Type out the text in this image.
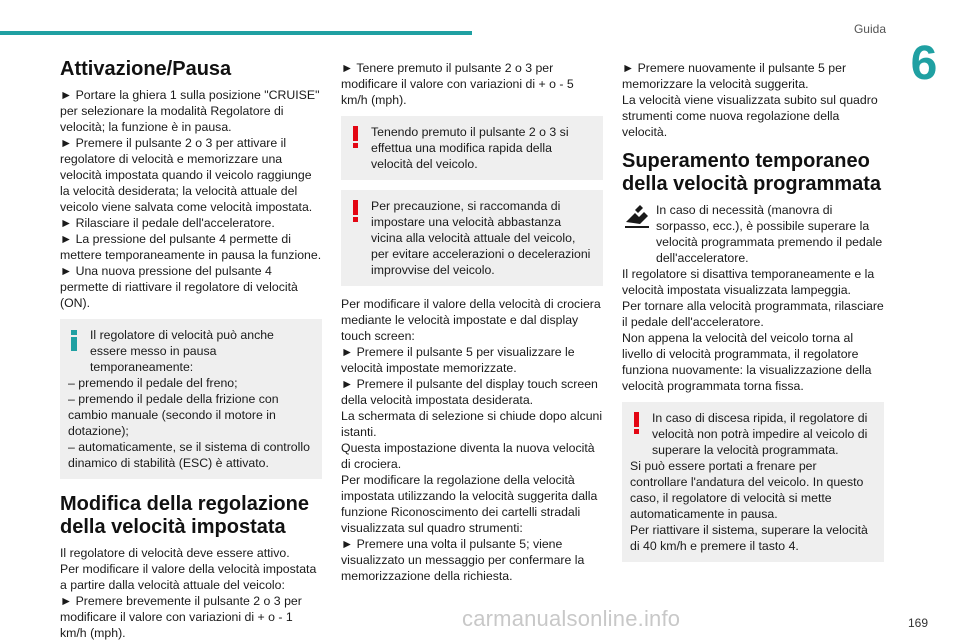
Guida
6
Attivazione/Pausa

► Portare la ghiera 1 sulla posizione "CRUISE" per selezionare la modalità Regolatore di velocità; la funzione è in pausa.

► Premere il pulsante 2 o 3 per attivare il regolatore di velocità e memorizzare una velocità impostata quando il veicolo raggiunge la velocità desiderata; la velocità attuale del veicolo viene salvata come velocità impostata.

► Rilasciare il pedale dell'acceleratore.

► La pressione del pulsante 4 permette di mettere temporaneamente in pausa la funzione.

► Una nuova pressione del pulsante 4 permette di riattivare il regolatore di velocità (ON).

Il regolatore di velocità può anche essere messo in pausa temporaneamente:

– premendo il pedale del freno;

– premendo il pedale della frizione con cambio manuale (secondo il motore in dotazione);

– automaticamente, se il sistema di controllo dinamico di stabilità (ESC) è attivato.

Modifica della regolazione della velocità impostata

Il regolatore di velocità deve essere attivo.

Per modificare il valore della velocità impostata a partire dalla velocità attuale del veicolo:

► Premere brevemente il pulsante 2 o 3 per modificare il valore con variazioni di + o - 1 km/h (mph).

► Tenere premuto il pulsante 2 o 3 per modificare il valore con variazioni di + o - 5 km/h (mph).

Tenendo premuto il pulsante 2 o 3 si effettua una modifica rapida della velocità del veicolo.

Per precauzione, si raccomanda di impostare una velocità abbastanza vicina alla velocità attuale del veicolo, per evitare accelerazioni o decelerazioni improvvise del veicolo.

Per modificare il valore della velocità di crociera mediante le velocità impostate e dal display touch screen:

► Premere il pulsante 5 per visualizzare le velocità impostate memorizzate.

► Premere il pulsante del display touch screen della velocità impostata desiderata.

La schermata di selezione si chiude dopo alcuni istanti.

Questa impostazione diventa la nuova velocità di crociera.

Per modificare la regolazione della velocità impostata utilizzando la velocità suggerita dalla funzione Riconoscimento dei cartelli stradali visualizzata sul quadro strumenti:

► Premere una volta il pulsante 5; viene visualizzato un messaggio per confermare la memorizzazione della richiesta.

► Premere nuovamente il pulsante 5 per memorizzare la velocità suggerita.

La velocità viene visualizzata subito sul quadro strumenti come nuova regolazione della velocità.

Superamento temporaneo della velocità programmata

In caso di necessità (manovra di sorpasso, ecc.), è possibile superare la velocità programmata premendo il pedale dell'acceleratore.

Il regolatore si disattiva temporaneamente e la velocità impostata visualizzata lampeggia.

Per tornare alla velocità programmata, rilasciare il pedale dell'acceleratore.

Non appena la velocità del veicolo torna al livello di velocità programmata, il regolatore funziona nuovamente: la visualizzazione della velocità programmata torna fissa.

In caso di discesa ripida, il regolatore di velocità non potrà impedire al veicolo di superare la velocità programmata.

Si può essere portati a frenare per controllare l'andatura del veicolo. In questo caso, il regolatore di velocità si mette automaticamente in pausa.

Per riattivare il sistema, superare la velocità di 40 km/h e premere il tasto 4.

carmanualsonline.info	169
